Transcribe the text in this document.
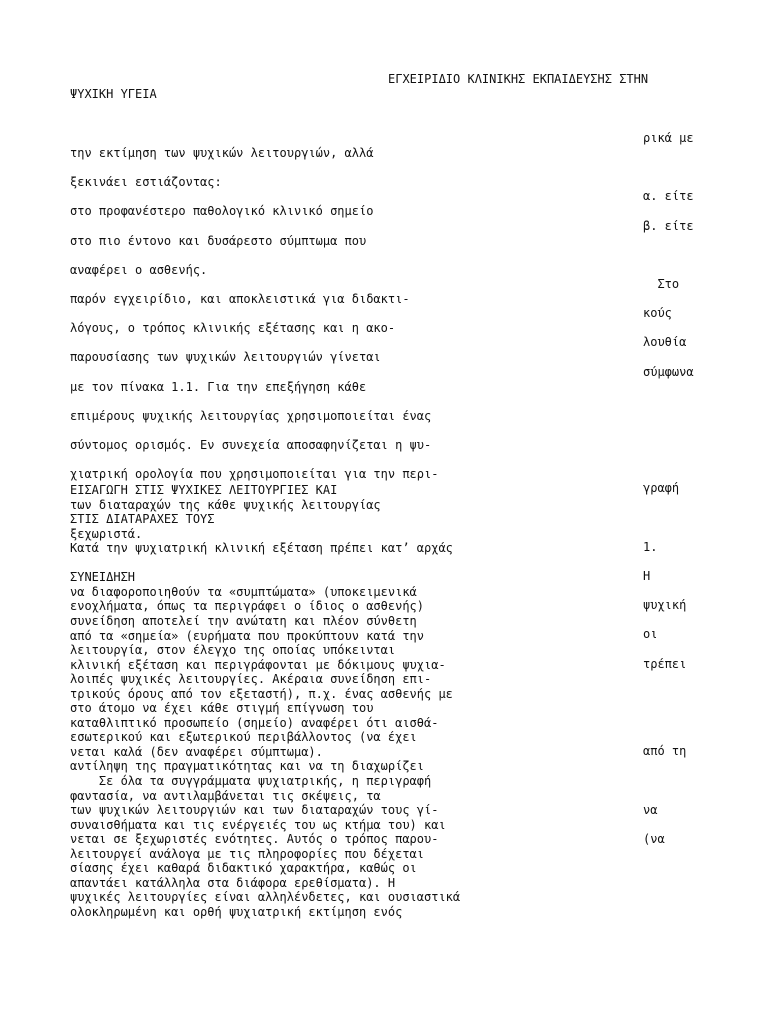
ΕΓΧΕΙΡΙΔΙΟ ΚΛΙΝΙΚΗΣ ΕΚΠΑΙΔΕΥΣΗΣ ΣΤΗΝ
ΨΥΧΙΚΗ ΥΓΕΙΑ
την εκτίμηση των ψυχικών λειτουργιών, αλλά
ξεκινάει εστιάζοντας:
στο προφανέστερο παθολογικό κλινικό σημείο
στο πιο έντονο και δυσάρεστο σύμπτωμα που
αναφέρει ο ασθενής.
παρόν εγχειρίδιο, και αποκλειστικά για διδακτι-
λόγους, ο τρόπος κλινικής εξέτασης και η ακο-
παρουσίασης των ψυχικών λειτουργιών γίνεται
με τον πίνακα 1.1. Για την επεξήγηση κάθε
επιμέρους ψυχικής λειτουργίας χρησιμοποιείται ένας
σύντομος ορισμός. Εν συνεχεία αποσαφηνίζεται η ψυ-
χιατρική ορολογία που χρησιμοποιείται για την περι-
ΕΙΣΑΓΩΓΗ ΣΤΙΣ ΨΥΧΙΚΕΣ ΛΕΙΤΟΥΡΓΙΕΣ ΚΑΙ
των διαταραχών της κάθε ψυχικής λειτουργίας
ΣΤΙΣ ΔΙΑΤΑΡΑΧΕΣ ΤΟΥΣ
ξεχωριστά.
Κατά την ψυχιατρική κλινική εξέταση πρέπει κατ’ αρχάς
ΣΥΝΕΙΔΗΣΗ
να διαφοροποιηθούν τα «συμπτώματα» (υποκειμενικά
ενοχλήματα, όπως τα περιγράφει ο ίδιος ο ασθενής)
συνείδηση αποτελεί την ανώτατη και πλέον σύνθετη
από τα «σημεία» (ευρήματα που προκύπτουν κατά την
λειτουργία, στον έλεγχο της οποίας υπόκεινται
κλινική εξέταση και περιγράφονται με δόκιμους ψυχια-
λοιπές ψυχικές λειτουργίες. Ακέραια συνείδηση επι-
τρικούς όρους από τον εξεταστή), π.χ. ένας ασθενής με
στο άτομο να έχει κάθε στιγμή επίγνωση του
καταθλιπτικό προσωπείο (σημείο) αναφέρει ότι αισθά-
εσωτερικού και εξωτερικού περιβάλλοντος (να έχει
νεται καλά (δεν αναφέρει σύμπτωμα).
αντίληψη της πραγματικότητας και να τη διαχωρίζει
Σε όλα τα συγγράμματα ψυχιατρικής, η περιγραφή
φαντασία, να αντιλαμβάνεται τις σκέψεις, τα
των ψυχικών λειτουργιών και των διαταραχών τους γί-
συναισθήματα και τις ενέργειές του ως κτήμα του) και
νεται σε ξεχωριστές ενότητες. Αυτός ο τρόπος παρου-
λειτουργεί ανάλογα με τις πληροφορίες που δέχεται
σίασης έχει καθαρά διδακτικό χαρακτήρα, καθώς οι
απαντάει κατάλληλα στα διάφορα ερεθίσματα). Η
ψυχικές λειτουργίες είναι αλληλένδετες, και ουσιαστικά
ολοκληρωμένη και ορθή ψυχιατρική εκτίμηση ενός
ρικά με
α. είτε
β. είτε
Στο
κούς
λουθία
σύμφωνα
γραφή
1.
Η
ψυχική
οι
τρέπει
από τη
να
(να
